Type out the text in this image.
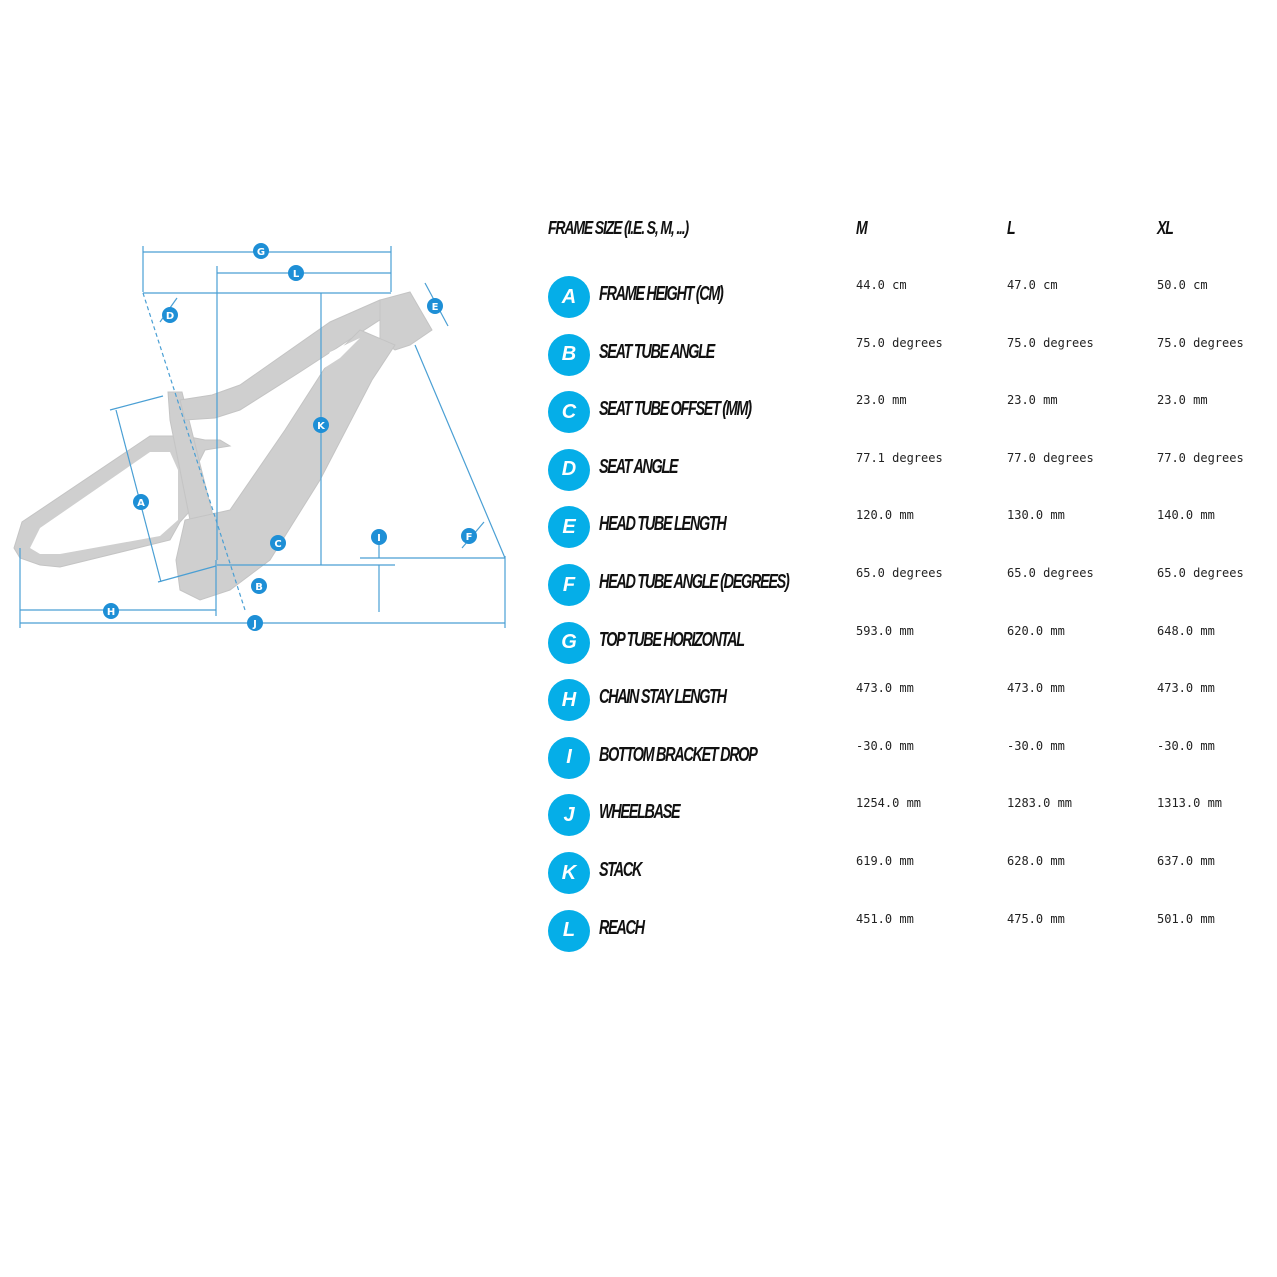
G
L
D
E
K
A
I	F
C
B
H
J
FRAME SIZE (I.E. S, M, ...)	M	L	XL
A	FRAME HEIGHT (CM)	44.0 cm	47.0 cm	50.0 cm
B	SEAT TUBE ANGLE	75.0 degrees	75.0 degrees	75.0 degrees
C	SEAT TUBE OFFSET (MM)	23.0 mm	23.0 mm	23.0 mm
D	SEAT ANGLE	77.1 degrees	77.0 degrees	77.0 degrees
E	HEAD TUBE LENGTH	120.0 mm	130.0 mm	140.0 mm
F	HEAD TUBE ANGLE (DEGREES)	65.0 degrees	65.0 degrees	65.0 degrees
G	TOP TUBE HORIZONTAL	593.0 mm	620.0 mm	648.0 mm
H	CHAIN STAY LENGTH	473.0 mm	473.0 mm	473.0 mm
I	BOTTOM BRACKET DROP	-30.0 mm	-30.0 mm	-30.0 mm
J	WHEELBASE	1254.0 mm	1283.0 mm	1313.0 mm
K	STACK	619.0 mm	628.0 mm	637.0 mm
L	REACH	451.0 mm	475.0 mm	501.0 mm
